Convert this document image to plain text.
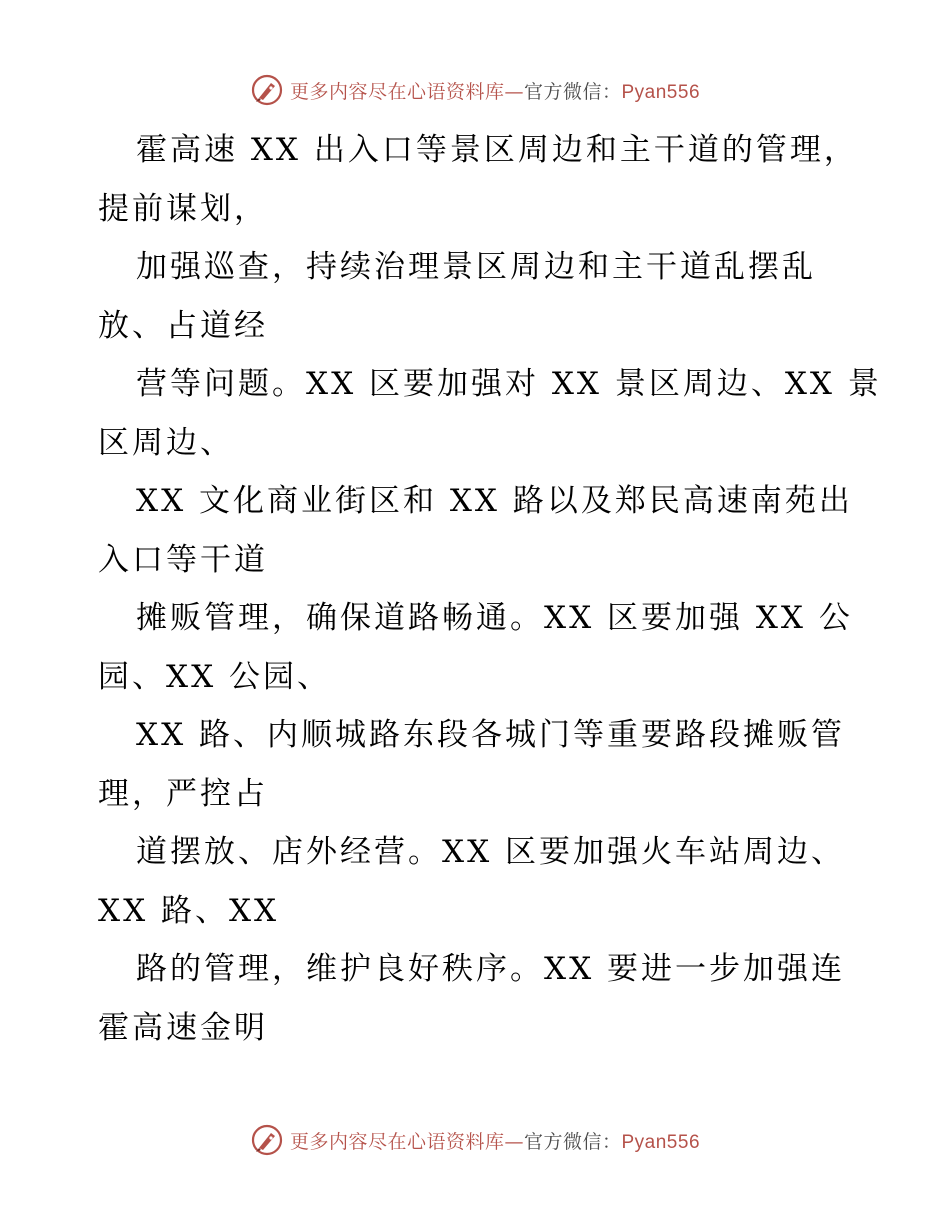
更多内容尽在心语资料库—官方微信：Pyan556
霍高速 XX 出入口等景区周边和主干道的管理，
提前谋划，
加强巡查，持续治理景区周边和主干道乱摆乱
放、占道经
营等问题。XX 区要加强对 XX 景区周边、XX 景
区周边、
XX 文化商业街区和 XX 路以及郑民高速南苑出
入口等干道
摊贩管理，确保道路畅通。XX 区要加强 XX 公
园、XX 公园、
XX 路、内顺城路东段各城门等重要路段摊贩管
理，严控占
道摆放、店外经营。XX 区要加强火车站周边、
XX 路、XX
路的管理，维护良好秩序。XX 要进一步加强连
霍高速金明
更多内容尽在心语资料库—官方微信：Pyan556
